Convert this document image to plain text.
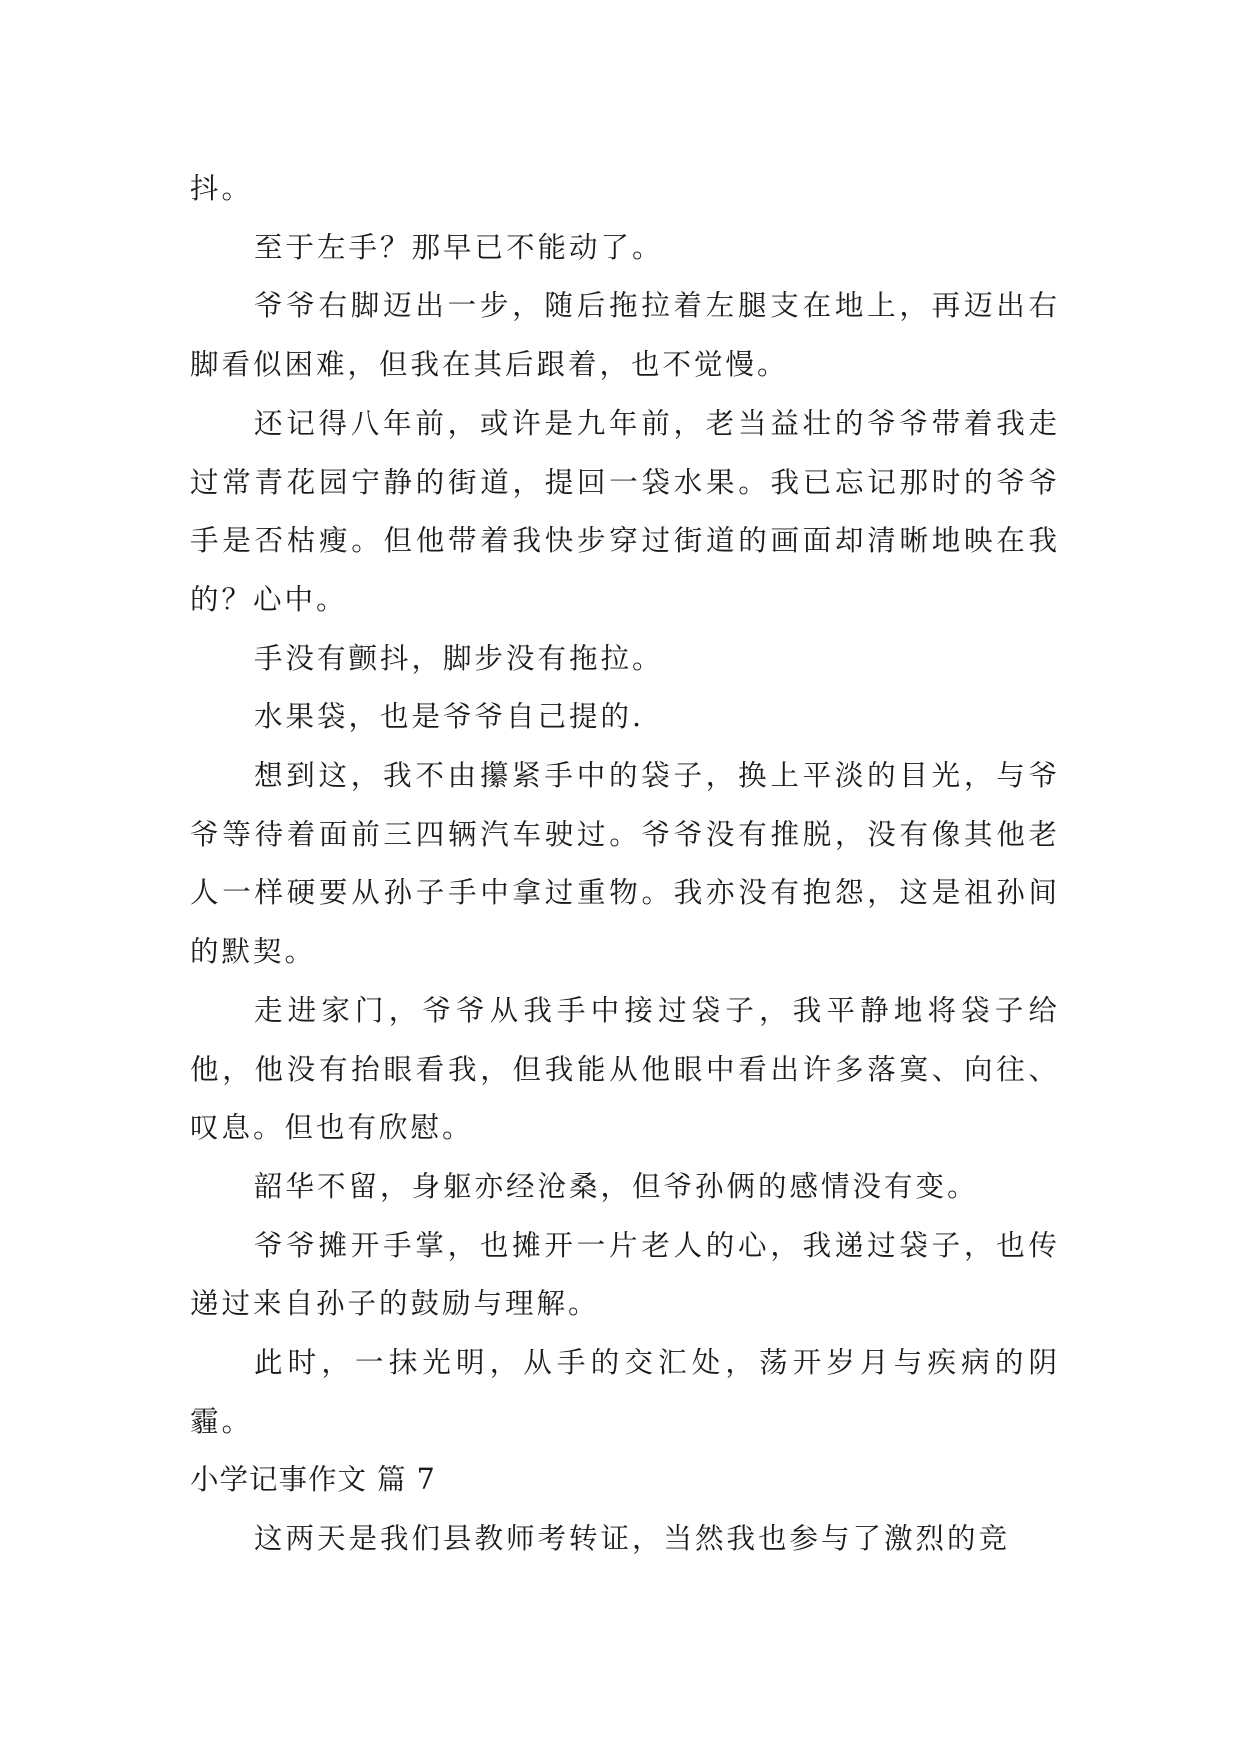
抖。

至于左手？那早已不能动了。

爷爷右脚迈出一步，随后拖拉着左腿支在地上，再迈出右脚看似困难，但我在其后跟着，也不觉慢。

还记得八年前，或许是九年前，老当益壮的爷爷带着我走过常青花园宁静的街道，提回一袋水果。我已忘记那时的爷爷手是否枯瘦。但他带着我快步穿过街道的画面却清晰地映在我的？心中。

手没有颤抖，脚步没有拖拉。

水果袋，也是爷爷自己提的.

想到这，我不由攥紧手中的袋子，换上平淡的目光，与爷爷等待着面前三四辆汽车驶过。爷爷没有推脱，没有像其他老人一样硬要从孙子手中拿过重物。我亦没有抱怨，这是祖孙间的默契。

走进家门，爷爷从我手中接过袋子，我平静地将袋子给他，他没有抬眼看我，但我能从他眼中看出许多落寞、向往、叹息。但也有欣慰。

韶华不留，身躯亦经沧桑，但爷孙俩的感情没有变。

爷爷摊开手掌，也摊开一片老人的心，我递过袋子，也传递过来自孙子的鼓励与理解。

此时，一抹光明，从手的交汇处，荡开岁月与疾病的阴霾。

小学记事作文 篇 7

这两天是我们县教师考转证，当然我也参与了激烈的竞
